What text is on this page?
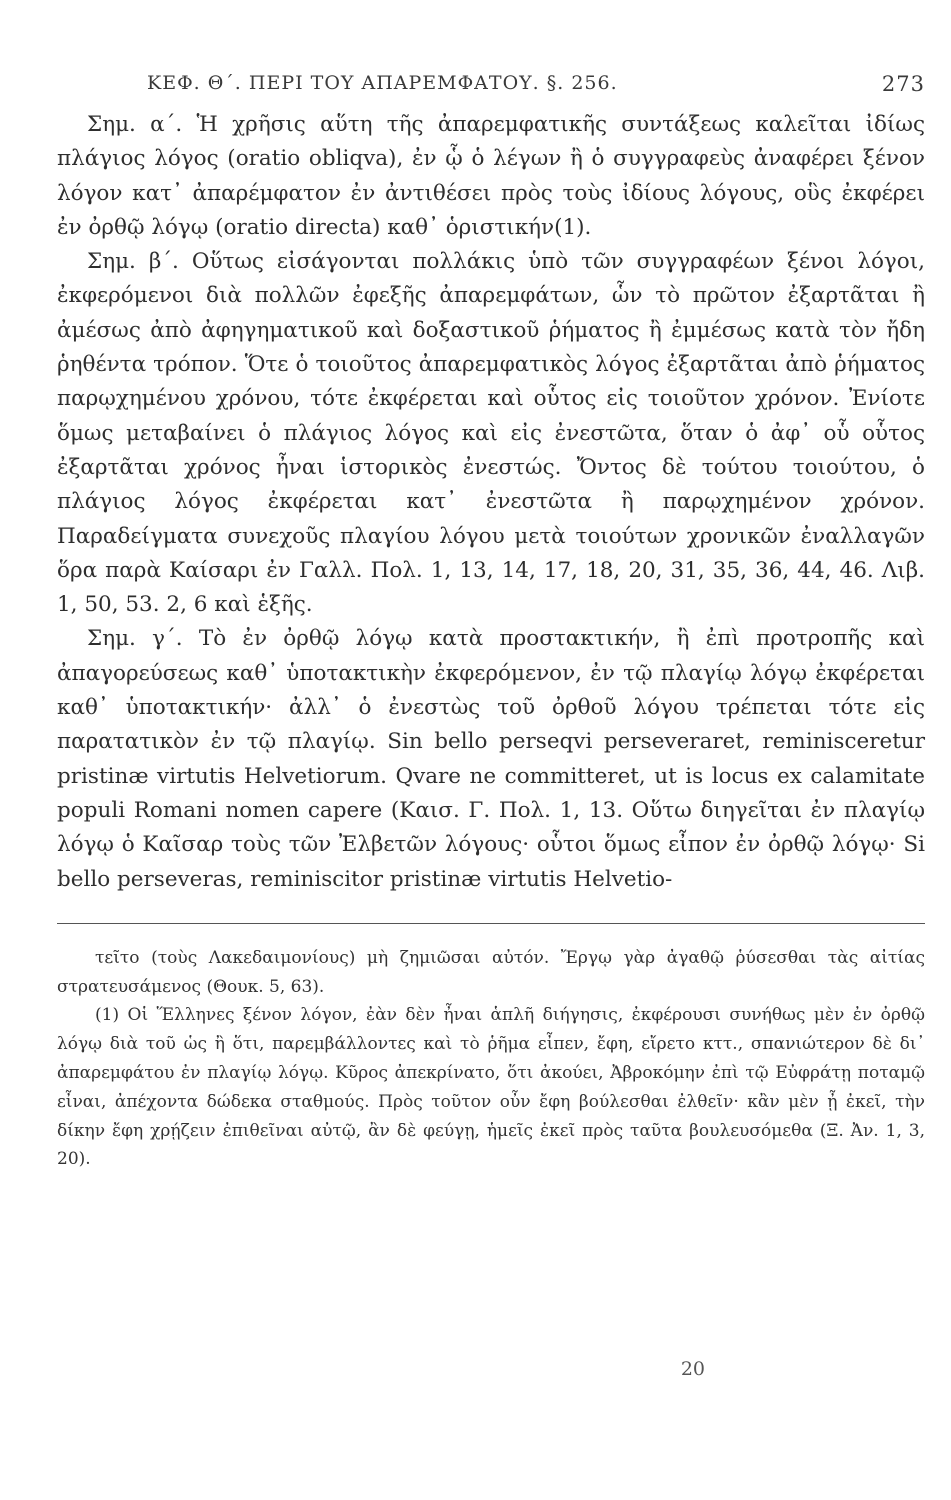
ΚΕΦ. Θ΄. ΠΕΡΙ ΤΟΥ ΑΠΑΡΕΜΦΑΤΟΥ. §. 256.	273

Σημ. α΄. Ἡ χρῆσις αὕτη τῆς ἀπαρεμφατικῆς συντάξεως καλεῖται ἰδίως πλάγιος λόγος (oratio obliqva), ἐν ᾧ ὁ λέγων ἢ ὁ συγγραφεὺς ἀναφέρει ξένον λόγον κατ᾽ ἀπαρέμφατον ἐν ἀντιθέσει πρὸς τοὺς ἰδίους λόγους, οὓς ἐκφέρει ἐν ὀρθῷ λόγῳ (oratio directa) καθ᾽ ὁριστικήν(1).

Σημ. β΄. Οὕτως εἰσάγονται πολλάκις ὑπὸ τῶν συγγραφέων ξένοι λόγοι, ἐκφερόμενοι διὰ πολλῶν ἐφεξῆς ἀπαρεμφάτων, ὧν τὸ πρῶτον ἐξαρτᾶται ἢ ἀμέσως ἀπὸ ἀφηγηματικοῦ καὶ δοξαστικοῦ ῥήματος ἢ ἐμμέσως κατὰ τὸν ἤδη ῥηθέντα τρόπον. Ὅτε ὁ τοιοῦτος ἀπαρεμφατικὸς λόγος ἐξαρτᾶται ἀπὸ ῥήματος παρῳχημένου χρόνου, τότε ἐκφέρεται καὶ οὗτος εἰς τοιοῦτον χρόνον. Ἐνίοτε ὅμως μεταβαίνει ὁ πλάγιος λόγος καὶ εἰς ἐνεστῶτα, ὅταν ὁ ἀφ᾽ οὗ οὗτος ἐξαρτᾶται χρόνος ἦναι ἱστορικὸς ἐνεστώς. Ὄντος δὲ τούτου τοιούτου, ὁ πλάγιος λόγος ἐκφέρεται κατ᾽ ἐνεστῶτα ἢ παρῳχημένον χρόνον. Παραδείγματα συνεχοῦς πλαγίου λόγου μετὰ τοιούτων χρονικῶν ἐναλλαγῶν ὅρα παρὰ Καίσαρι ἐν Γαλλ. Πολ. 1, 13, 14, 17, 18, 20, 31, 35, 36, 44, 46. Λιβ. 1, 50, 53. 2, 6 καὶ ἑξῆς.

Σημ. γ΄. Τὸ ἐν ὀρθῷ λόγῳ κατὰ προστακτικήν, ἢ ἐπὶ προτροπῆς καὶ ἀπαγορεύσεως καθ᾽ ὑποτακτικὴν ἐκφερόμενον, ἐν τῷ πλαγίῳ λόγῳ ἐκφέρεται καθ᾽ ὑποτακτικήν· ἀλλ᾽ ὁ ἐνεστὼς τοῦ ὀρθοῦ λόγου τρέπεται τότε εἰς παρατατικὸν ἐν τῷ πλαγίῳ. Sin bello perseqvi perseveraret, reminisceretur pristinæ virtutis Helvetiorum. Qvare ne committeret, ut is locus ex calamitate populi Romani nomen capere (Καισ. Γ. Πολ. 1, 13. Οὕτω διηγεῖται ἐν πλαγίῳ λόγῳ ὁ Καῖσαρ τοὺς τῶν Ἐλβετῶν λόγους· οὗτοι ὅμως εἶπον ἐν ὀρθῷ λόγῳ· Si bello perseveras, reminiscitor pristinæ virtutis Helvetio-

τεῖτο (τοὺς Λακεδαιμονίους) μὴ ζημιῶσαι αὐτόν. Ἔργῳ γὰρ ἀγαθῷ ῥύσεσθαι τὰς αἰτίας στρατευσάμενος (Θουκ. 5, 63).

(1) Οἱ Ἕλληνες ξένον λόγον, ἐὰν δὲν ἦναι ἁπλῆ διήγησις, ἐκφέρουσι συνήθως μὲν ἐν ὀρθῷ λόγῳ διὰ τοῦ ὡς ἢ ὅτι, παρεμβάλλοντες καὶ τὸ ῥῆμα εἶπεν, ἔφη, εἴρετο κττ., σπανιώτερον δὲ δι᾽ ἀπαρεμφάτου ἐν πλαγίῳ λόγῳ. Κῦρος ἀπεκρίνατο, ὅτι ἀκούει, Ἀβροκόμην ἐπὶ τῷ Εὐφράτῃ ποταμῷ εἶναι, ἀπέχοντα δώδεκα σταθμούς. Πρὸς τοῦτον οὖν ἔφη βούλεσθαι ἐλθεῖν· κἂν μὲν ᾖ ἐκεῖ, τὴν δίκην ἔφη χρῄζειν ἐπιθεῖναι αὐτῷ, ἂν δὲ φεύγῃ, ἡμεῖς ἐκεῖ πρὸς ταῦτα βουλευσόμεθα (Ξ. Ἀν. 1, 3, 20).

20
